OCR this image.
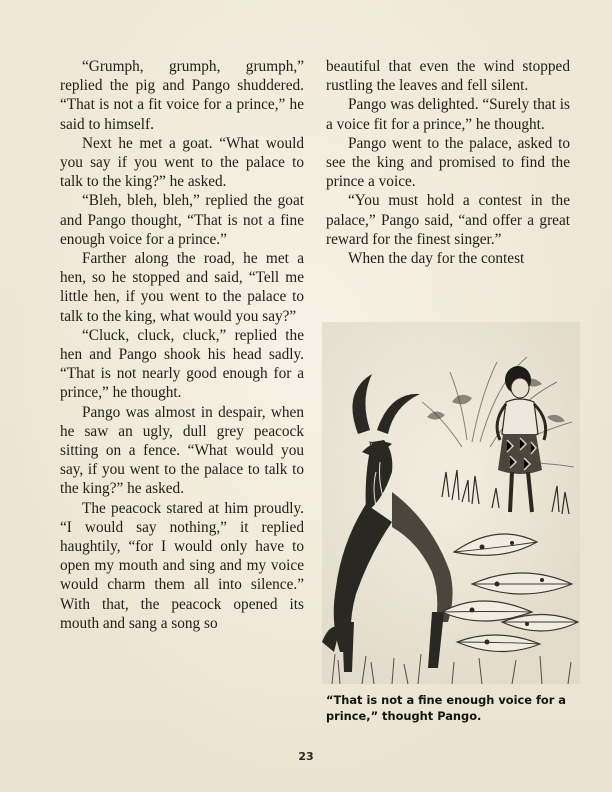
“Grumph, grumph, grumph,” replied the pig and Pango shuddered. “That is not a fit voice for a prince,” he said to himself.

Next he met a goat. “What would you say if you went to the palace to talk to the king?” he asked.

“Bleh, bleh, bleh,” replied the goat and Pango thought, “That is not a fine enough voice for a prince.”

Farther along the road, he met a hen, so he stopped and said, “Tell me little hen, if you went to the palace to talk to the king, what would you say?”

“Cluck, cluck, cluck,” replied the hen and Pango shook his head sadly. “That is not nearly good enough for a prince,” he thought.

Pango was almost in despair, when he saw an ugly, dull grey peacock sitting on a fence. “What would you say, if you went to the palace to talk to the king?” he asked.

The peacock stared at him proudly. “I would say nothing,” it replied haughtily, “for I would only have to open my mouth and sing and my voice would charm them all into silence.” With that, the peacock opened its mouth and sang a song so

beautiful that even the wind stopped rustling the leaves and fell silent.

Pango was delighted. “Surely that is a voice fit for a prince,” he thought.

Pango went to the palace, asked to see the king and promised to find the prince a voice.

“You must hold a contest in the palace,” Pango said, “and offer a great reward for the finest singer.”

When the day for the contest

“That is not a fine enough voice for a prince,” thought Pango.
23
